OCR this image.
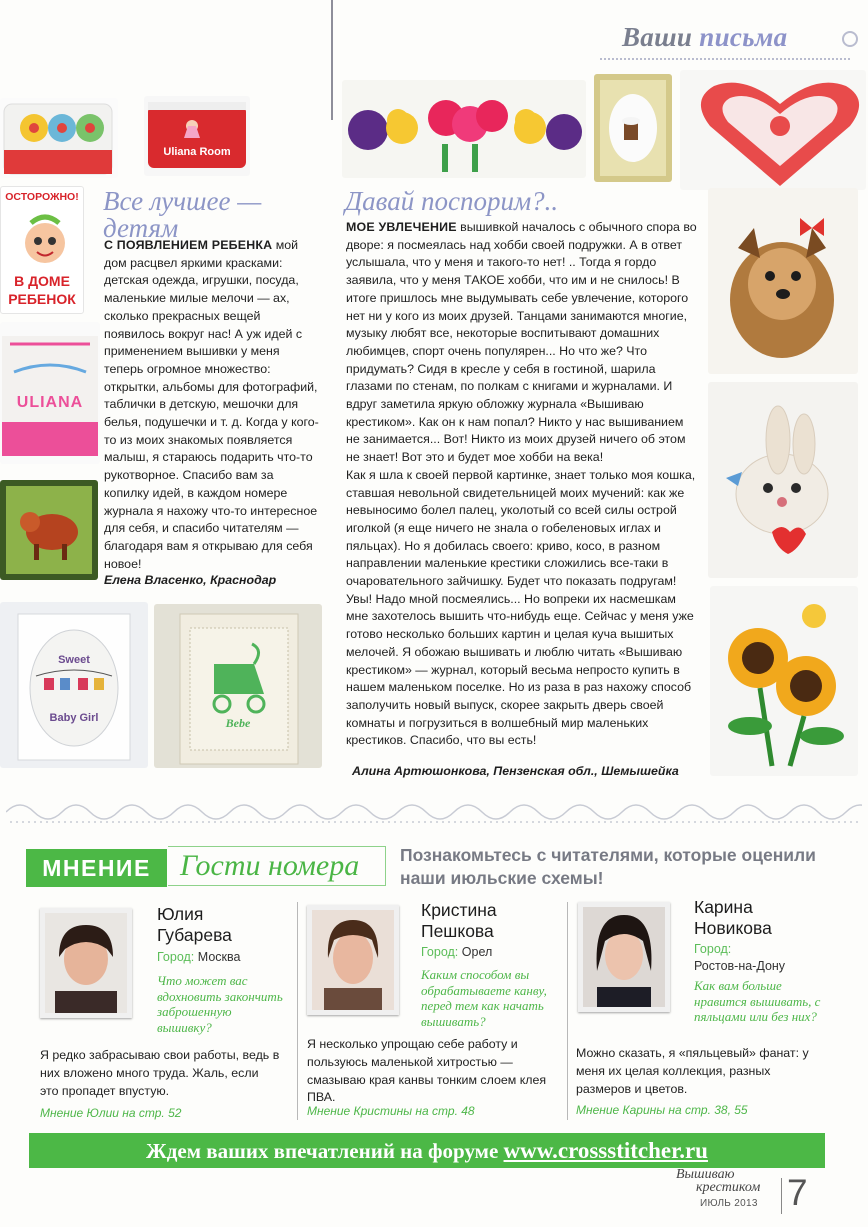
Ваши письма
Uliana Room
ОСТОРОЖНО!
В ДОМЕ
РЕБЕНОК
ULIANA
Sweet
Baby Girl	Bebe
Все лучшее — детям
С ПОЯВЛЕНИЕМ РЕБЕНКА мой дом расцвел яркими красками: детская одежда, игрушки, посуда, маленькие милые мелочи — ах, сколько прекрасных вещей появилось вокруг нас! А уж идей с применением вышивки у меня теперь огромное множество: открытки, альбомы для фотографий, таблички в детскую, мешочки для белья, подушечки и т. д. Когда у кого-то из моих знакомых появляется малыш, я стараюсь подарить что-то рукотворное. Спасибо вам за копилку идей, в каждом номере журнала я нахожу что-то интересное для себя, и спасибо читателям — благодаря вам я открываю для себя новое!
Елена Власенко, Краснодар
Давай поспорим?..

МОЕ УВЛЕЧЕНИЕ вышивкой началось с обычного спора во дворе: я посмеялась над хобби своей подружки. А в ответ услышала, что у меня и такого-то нет! .. Тогда я гордо заявила, что у меня ТАКОЕ хобби, что им и не снилось! В итоге пришлось мне выдумывать себе увлечение, которого нет ни у кого из моих друзей. Танцами занимаются многие, музыку любят все, некоторые воспитывают домашних любимцев, спорт очень популярен... Но что же? Что придумать? Сидя в кресле у себя в гостиной, шарила глазами по стенам, по полкам с книгами и журналами. И вдруг заметила яркую обложку журнала «Вышиваю крестиком». Как он к нам попал? Никто у нас вышиванием не занимается... Вот! Никто из моих друзей ничего об этом не знает! Вот это и будет мое хобби на века!

Как я шла к своей первой картинке, знает только моя кошка, ставшая невольной свидетельницей моих мучений: как же невыносимо болел палец, уколотый со всей силы острой иголкой (я еще ничего не знала о гобеленовых иглах и пяльцах). Но я добилась своего: криво, косо, в разном направлении маленькие крестики сложились все-таки в очаровательного зайчишку. Будет что показать подругам!

Увы! Надо мной посмеялись... Но вопреки их насмешкам мне захотелось вышить что-нибудь еще. Сейчас у меня уже готово несколько больших картин и целая куча вышитых мелочей. Я обожаю вышивать и люблю читать «Вышиваю крестиком» — журнал, который весьма непросто купить в нашем маленьком поселке. Но из раза в раз нахожу способ заполучить новый выпуск, скорее закрыть дверь своей комнаты и погрузиться в волшебный мир маленьких крестиков. Спасибо, что вы есть!

Алина Артюшонкова, Пензенская обл., Шемышейка
МНЕНИЕ Гости номера	Познакомьтесь с читателями, которые оценили наши июльские схемы!
Юлия
Губарева
Город: Москва
Что может вас вдохновить закончить заброшенную вышивку?
Я редко забрасываю свои работы, ведь в них вложено много труда. Жаль, если это пропадет впустую.
Мнение Юлии на стр. 52
Кристина
Пешкова
Город: Орел
Каким способом вы обрабатываете канву, перед тем как начать вышивать?
Я несколько упрощаю себе работу и пользуюсь маленькой хитростью — смазываю края канвы тонким слоем клея ПВА.
Мнение Кристины на стр. 48
Карина
Новикова
Город:
Ростов-на-Дону
Как вам больше нравится вышивать, с пяльцами или без них?
Можно сказать, я «пяльцевый» фанат: у меня их целая коллекция, разных размеров и цветов.
Мнение Карины на стр. 38, 55
Ждем ваших впечатлений на форуме www.crossstitcher.ru
Вышиваю
крестиком
ИЮЛЬ 2013 7
